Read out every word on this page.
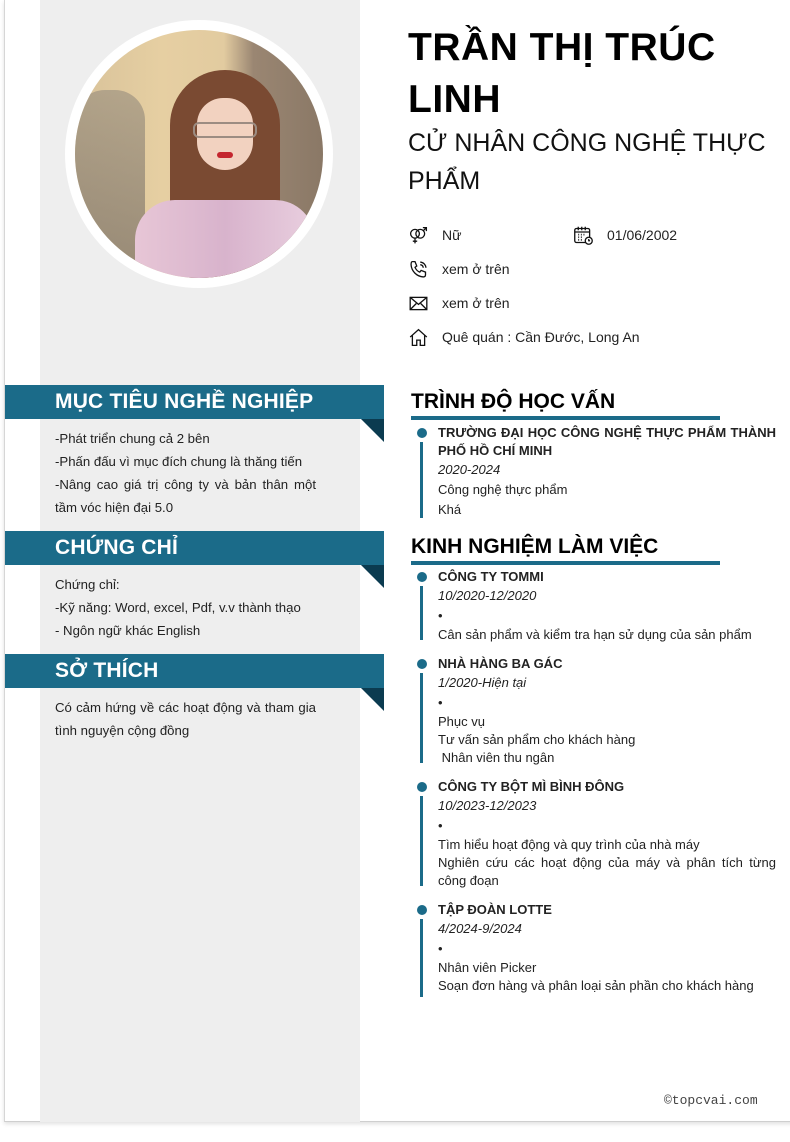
MỤC TIÊU NGHỀ NGHIỆP
-Phát triển chung cả 2 bên
-Phấn đấu vì mục đích chung là thăng tiến
-Nâng cao giá trị công ty và bản thân một tầm vóc hiện đại 5.0
CHỨNG CHỈ
Chứng chỉ:
-Kỹ năng: Word, excel, Pdf, v.v thành thạo
- Ngôn ngữ khác English
SỞ THÍCH
Có cảm hứng về các hoạt động và tham gia tình nguyện cộng đồng
TRẦN THỊ TRÚC LINH
CỬ NHÂN CÔNG NGHỆ THỰC PHẨM
Nữ	01/06/2002
xem ở trên
xem ở trên
Quê quán : Cần Đước, Long An
TRÌNH ĐỘ HỌC VẤN
TRƯỜNG ĐẠI HỌC CÔNG NGHỆ THỰC PHẨM THÀNH PHỐ HỒ CHÍ MINH
2020-2024
Công nghệ thực phẩm
Khá
KINH NGHIỆM LÀM VIỆC
CÔNG TY TOMMI
10/2020-12/2020
•
Cân sản phẩm và kiểm tra hạn sử dụng của sản phẩm
NHÀ HÀNG BA GÁC
1/2020-Hiện tại
•
Phục vụ
Tư vấn sản phẩm cho khách hàng
Nhân viên thu ngân
CÔNG TY BỘT MÌ BÌNH ĐÔNG
10/2023-12/2023
•
Tìm hiểu hoạt động và quy trình của nhà máy
Nghiên cứu các hoạt động của máy và phân tích từng công đoạn
TẬP ĐOÀN LOTTE
4/2024-9/2024
•
Nhân viên Picker
Soạn đơn hàng và phân loại sản phần cho khách hàng
©topcvai.com
